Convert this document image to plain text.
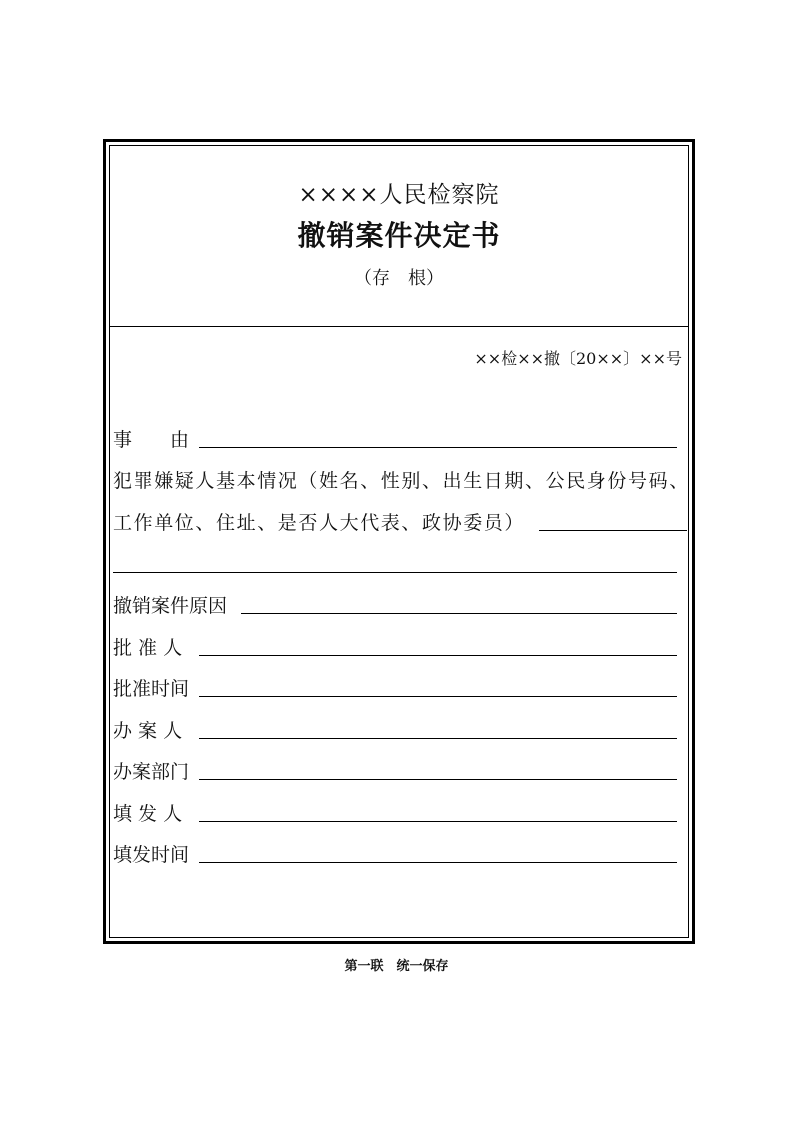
××××人民检察院
撤销案件决定书
（存　根）
××检××撤〔20××〕××号
事　　由
犯罪嫌疑人基本情况（姓名、性别、出生日期、公民身份号码、
工作单位、住址、是否人大代表、政协委员）
撤销案件原因
批 准 人
批准时间
办 案 人
办案部门
填 发 人
填发时间
第一联　统一保存
